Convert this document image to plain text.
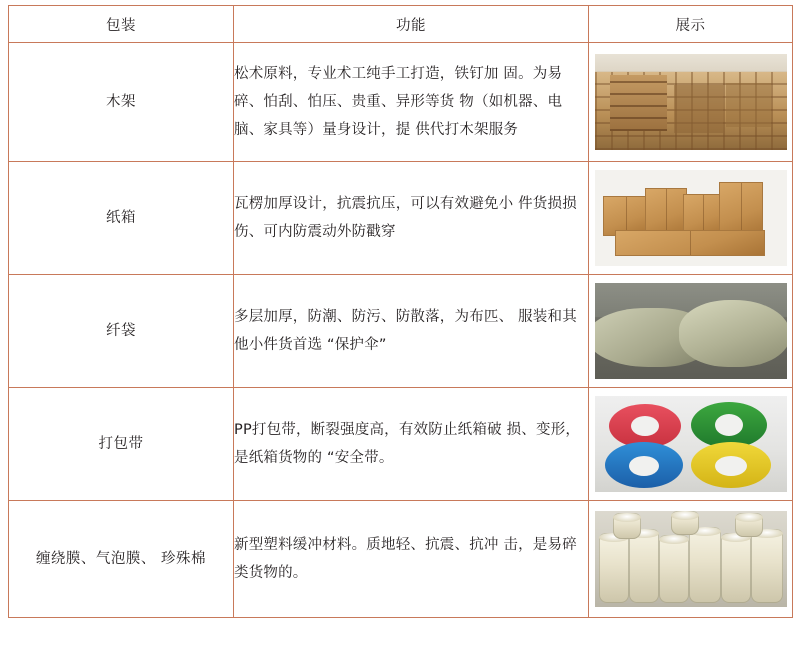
包装	功能	展示
木架	松术原料，专业术工纯手工打造，铁钉加 固。为易碎、怕刮、怕压、贵重、异形等货 物（如机器、电脑、家具等）量身设计，提 供代打木架服务	

纸箱	瓦楞加厚设计，抗震抗压，可以有效避免小 件货损损伤、可内防震动外防戳穿	

纤袋	多层加厚，防潮、防污、防散落，为布匹、 服装和其他小件货首选 “保护伞”	

打包带	PP打包带，断裂强度高，有效防止纸箱破 损、变形，是纸箱货物的 “安全带。	

缠绕膜、气泡膜、 珍殊棉	新型塑料缓冲材料。质地轻、抗震、抗冲 击，是易碎类货物的。	
